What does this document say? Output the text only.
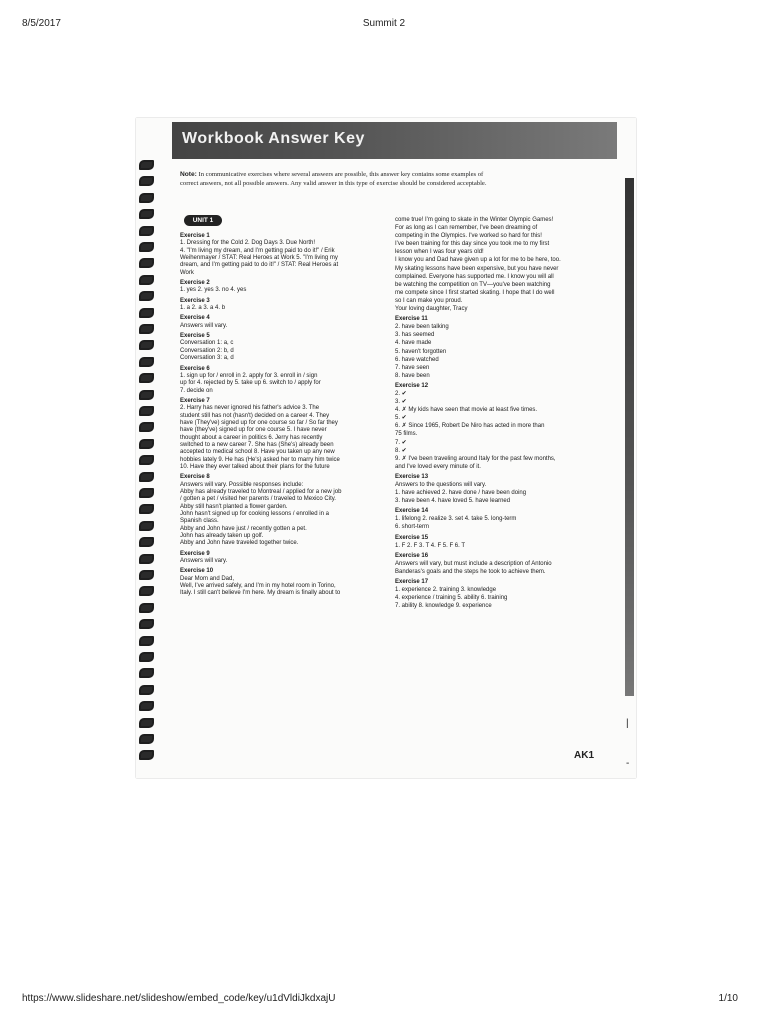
8/5/2017	Summit 2
Workbook Answer Key
Note: In communicative exercises where several answers are possible, this answer key contains some examples of correct answers, not all possible answers. Any valid answer in this type of exercise should be considered acceptable.
UNIT 1
Exercise 1
1. Dressing for the Cold 2. Dog Days 3. Due North!
4. "I'm living my dream, and I'm getting paid to do it!" / Erik
Weihenmayer / STAT: Real Heroes at Work 5. "I'm living my
dream, and I'm getting paid to do it!" / STAT: Real Heroes at
Work
Exercise 2
1. yes 2. yes 3. no 4. yes
Exercise 3
1. a 2. a 3. a 4. b
Exercise 4
Answers will vary.
Exercise 5
Conversation 1: a, c
Conversation 2: b, d
Conversation 3: a, d
Exercise 6
1. sign up for / enroll in 2. apply for 3. enroll in / sign
up for 4. rejected by 5. take up 6. switch to / apply for
7. decide on
Exercise 7
2. Harry has never ignored his father's advice 3. The
student still has not (hasn't) decided on a career 4. They
have (They've) signed up for one course so far / So far they
have (they've) signed up for one course 5. I have never
thought about a career in politics 6. Jerry has recently
switched to a new career 7. She has (She's) already been
accepted to medical school 8. Have you taken up any new
hobbies lately 9. He has (He's) asked her to marry him twice
10. Have they ever talked about their plans for the future
Exercise 8
Answers will vary. Possible responses include:
Abby has already traveled to Montreal / applied for a new job
/ gotten a pet / visited her parents / traveled to Mexico City.
Abby still hasn't planted a flower garden.
John hasn't signed up for cooking lessons / enrolled in a
Spanish class.
Abby and John have just / recently gotten a pet.
John has already taken up golf.
Abby and John have traveled together twice.
Exercise 9
Answers will vary.
Exercise 10
Dear Mom and Dad,
Well, I've arrived safely, and I'm in my hotel room in Torino,
Italy. I still can't believe I'm here. My dream is finally about to
come true! I'm going to skate in the Winter Olympic Games!
For as long as I can remember, I've been dreaming of
competing in the Olympics. I've worked so hard for this!
I've been training for this day since you took me to my first
lesson when I was four years old!
I know you and Dad have given up a lot for me to be here, too.
My skating lessons have been expensive, but you have never
complained. Everyone has supported me. I know you will all
be watching the competition on TV—you've been watching
me compete since I first started skating. I hope that I do well
so I can make you proud.
Your loving daughter, Tracy
Exercise 11
2. have been talking
3. has seemed
4. have made
5. haven't forgotten
6. have watched
7. have seen
8. have been
Exercise 12
2. ✔
3. ✔
4. ✗ My kids have seen that movie at least five times.
5. ✔
6. ✗ Since 1965, Robert De Niro has acted in more than
75 films.
7. ✔
8. ✔
9. ✗ I've been traveling around Italy for the past few months,
and I've loved every minute of it.
Exercise 13
Answers to the questions will vary.
1. have achieved 2. have done / have been doing
3. have been 4. have loved 5. have learned
Exercise 14
1. lifelong 2. realize 3. set 4. take 5. long-term
6. short-term
Exercise 15
1. F 2. F 3. T 4. F 5. F 6. T
Exercise 16
Answers will vary, but must include a description of Antonio
Banderas's goals and the steps he took to achieve them.
Exercise 17
1. experience 2. training 3. knowledge
4. experience / training 5. ability 6. training
7. ability 8. knowledge 9. experience
|
-
AK1
https://www.slideshare.net/slideshow/embed_code/key/u1dVldiJkdxajU	1/10
